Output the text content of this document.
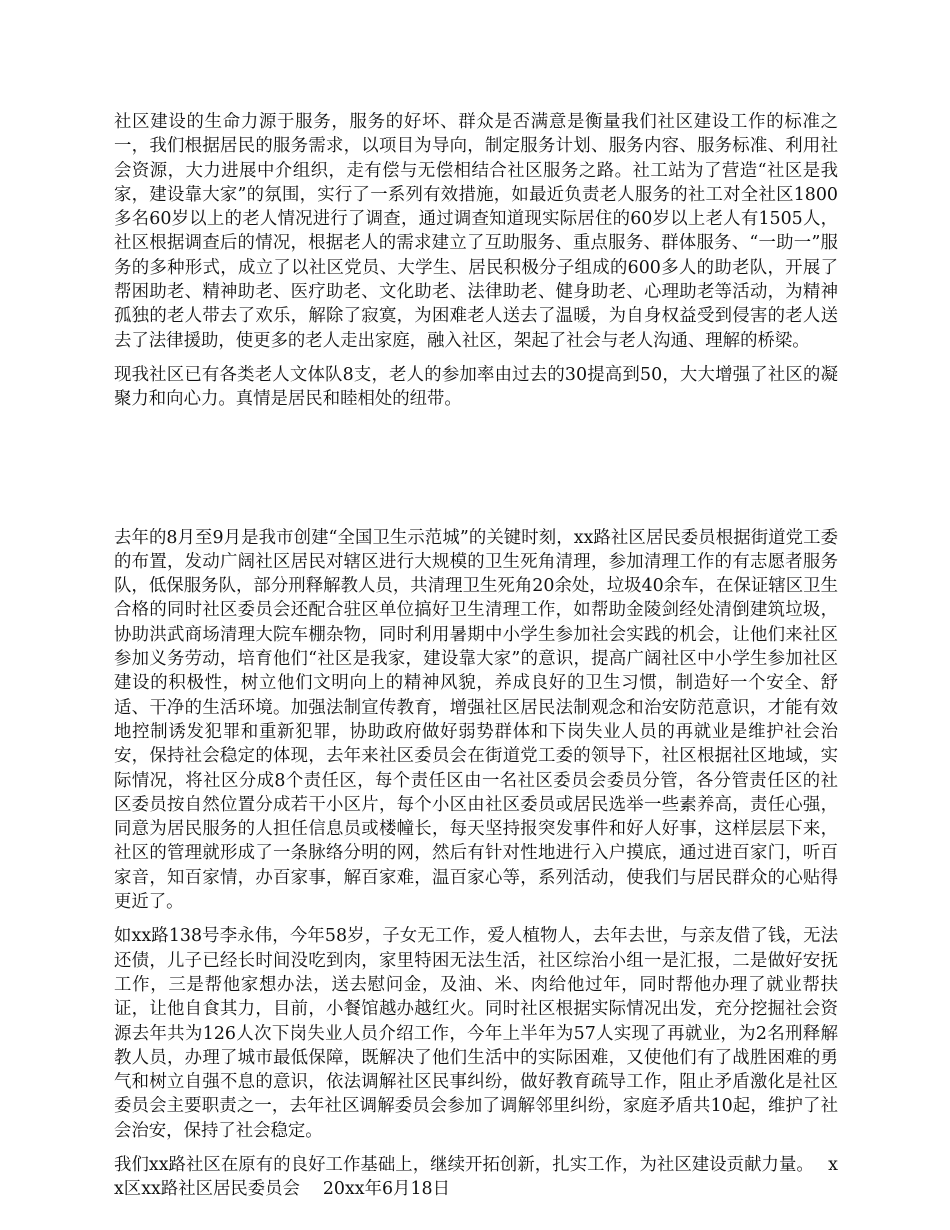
社区建设的生命力源于服务，服务的好坏、群众是否满意是衡量我们社区建设工作的标准之一，我们根据居民的服务需求，以项目为导向，制定服务计划、服务内容、服务标准、利用社会资源，大力进展中介组织，走有偿与无偿相结合社区服务之路。社工站为了营造“社区是我家，建设靠大家”的氛围，实行了一系列有效措施，如最近负责老人服务的社工对全社区1800多名60岁以上的老人情况进行了调查，通过调查知道现实际居住的60岁以上老人有1505人，社区根据调查后的情况，根据老人的需求建立了互助服务、重点服务、群体服务、“一助一”服务的多种形式，成立了以社区党员、大学生、居民积极分子组成的600多人的助老队，开展了帮困助老、精神助老、医疗助老、文化助老、法律助老、健身助老、心理助老等活动，为精神孤独的老人带去了欢乐，解除了寂寞，为困难老人送去了温暖，为自身权益受到侵害的老人送去了法律援助，使更多的老人走出家庭，融入社区，架起了社会与老人沟通、理解的桥梁。

现我社区已有各类老人文体队8支，老人的参加率由过去的30提高到50，大大增强了社区的凝聚力和向心力。真情是居民和睦相处的纽带。

去年的8月至9月是我市创建“全国卫生示范城”的关键时刻，xx路社区居民委员根据街道党工委的布置，发动广阔社区居民对辖区进行大规模的卫生死角清理，参加清理工作的有志愿者服务队，低保服务队，部分刑释解教人员，共清理卫生死角20余处，垃圾40余车，在保证辖区卫生合格的同时社区委员会还配合驻区单位搞好卫生清理工作，如帮助金陵剑经处清倒建筑垃圾，协助洪武商场清理大院车棚杂物，同时利用暑期中小学生参加社会实践的机会，让他们来社区参加义务劳动，培育他们“社区是我家，建设靠大家”的意识，提高广阔社区中小学生参加社区建设的积极性，树立他们文明向上的精神风貌，养成良好的卫生习惯，制造好一个安全、舒适、干净的生活环境。加强法制宣传教育，增强社区居民法制观念和治安防范意识，才能有效地控制诱发犯罪和重新犯罪，协助政府做好弱势群体和下岗失业人员的再就业是维护社会治安，保持社会稳定的体现，去年来社区委员会在街道党工委的领导下，社区根据社区地域，实际情况，将社区分成8个责任区，每个责任区由一名社区委员会委员分管，各分管责任区的社区委员按自然位置分成若干小区片，每个小区由社区委员或居民选举一些素养高，责任心强，同意为居民服务的人担任信息员或楼幢长，每天坚持报突发事件和好人好事，这样层层下来，社区的管理就形成了一条脉络分明的网，然后有针对性地进行入户摸底，通过进百家门，听百家音，知百家情，办百家事，解百家难，温百家心等，系列活动，使我们与居民群众的心贴得更近了。

如xx路138号李永伟，今年58岁，子女无工作，爱人植物人，去年去世，与亲友借了钱，无法还债，儿子已经长时间没吃到肉，家里特困无法生活，社区综治小组一是汇报，二是做好安抚工作，三是帮他家想办法，送去慰问金，及油、米、肉给他过年，同时帮他办理了就业帮扶证，让他自食其力，目前，小餐馆越办越红火。同时社区根据实际情况出发，充分挖掘社会资源去年共为126人次下岗失业人员介绍工作，今年上半年为57人实现了再就业，为2名刑释解教人员，办理了城市最低保障，既解决了他们生活中的实际困难，又使他们有了战胜困难的勇气和树立自强不息的意识，依法调解社区民事纠纷，做好教育疏导工作，阻止矛盾激化是社区委员会主要职责之一，去年社区调解委员会参加了调解邻里纠纷，家庭矛盾共10起，维护了社会治安，保持了社会稳定。

我们xx路社区在原有的良好工作基础上，继续开拓创新，扎实工作，为社区建设贡献力量。　 xx区xx路社区居民委员会　 20xx年6月18日
